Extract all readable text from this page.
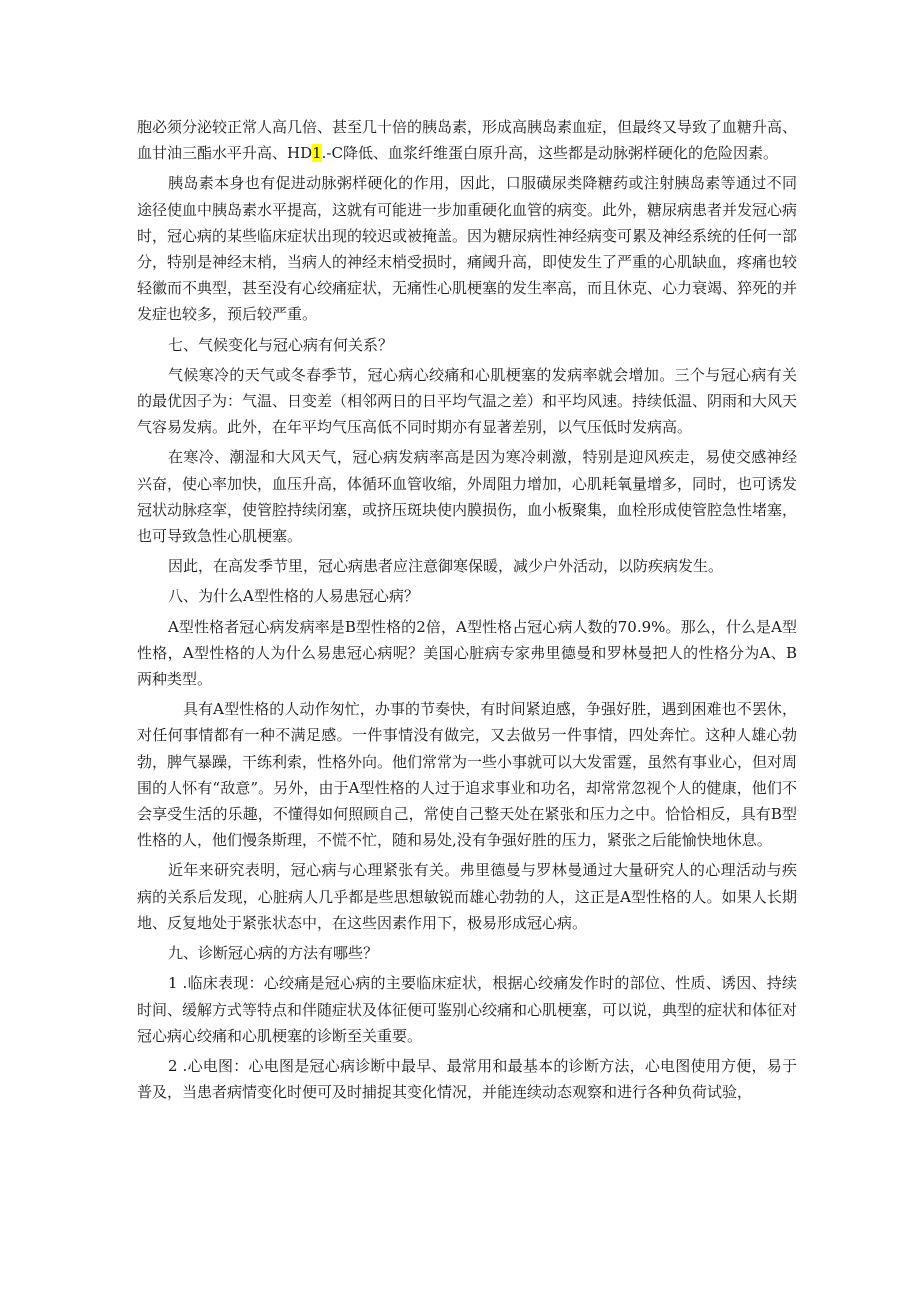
胞必须分泌较正常人高几倍、甚至几十倍的胰岛素，形成高胰岛素血症，但最终又导致了血糖升高、血甘油三酯水平升高、HD1.-C降低、血浆纤维蛋白原升高，这些都是动脉粥样硬化的危险因素。

胰岛素本身也有促进动脉粥样硬化的作用，因此，口服磺尿类降糖药或注射胰岛素等通过不同途径使血中胰岛素水平提高，这就有可能进一步加重硬化血管的病变。此外，糖尿病患者并发冠心病时，冠心病的某些临床症状出现的较迟或被掩盖。因为糖尿病性神经病变可累及神经系统的任何一部分，特别是神经末梢，当病人的神经末梢受损时，痛阈升高，即使发生了严重的心肌缺血，疼痛也较轻徽而不典型，甚至没有心绞痛症状，无痛性心肌梗塞的发生率高，而且休克、心力衰竭、猝死的并发症也较多，预后较严重。

七、气候变化与冠心病有何关系？

气候寒冷的天气或冬春季节，冠心病心绞痛和心肌梗塞的发病率就会增加。三个与冠心病有关的最优因子为：气温、日变差（相邻两日的日平均气温之差）和平均风速。持续低温、阴雨和大风天气容易发病。此外，在年平均气压高低不同时期亦有显著差别，以气压低时发病高。

在寒冷、潮湿和大风天气，冠心病发病率高是因为寒冷刺激，特别是迎风疾走，易使交感神经兴奋，使心率加快，血压升高，体循环血管收缩，外周阻力增加，心肌耗氧量增多，同时，也可诱发冠状动脉痉挛，使管腔持续闭塞，或挤压斑块使内膜损伤，血小板聚集，血栓形成使管腔急性堵塞，也可导致急性心肌梗塞。

因此，在高发季节里，冠心病患者应注意御寒保暖，减少户外活动，以防疾病发生。

八、为什么A型性格的人易患冠心病？

A型性格者冠心病发病率是B型性格的2倍，A型性格占冠心病人数的70.9%。那么，什么是A型性格，A型性格的人为什么易患冠心病呢？美国心脏病专家弗里德曼和罗林曼把人的性格分为A、B两种类型。

具有A型性格的人动作匆忙，办事的节奏快，有时间紧迫感，争强好胜，遇到困难也不罢休，对任何事情都有一种不满足感。一件事情没有做完，又去做另一件事情，四处奔忙。这种人雄心勃勃，脾气暴躁，干练利索，性格外向。他们常常为一些小事就可以大发雷霆，虽然有事业心，但对周围的人怀有“敌意”。另外，由于A型性格的人过于追求事业和功名，却常常忽视个人的健康，他们不会享受生活的乐趣，不懂得如何照顾自己，常使自己整天处在紧张和压力之中。恰恰相反，具有B型性格的人，他们慢条斯理，不慌不忙，随和易处,没有争强好胜的压力，紧张之后能愉快地休息。

近年来研究表明，冠心病与心理紧张有关。弗里德曼与罗林曼通过大量研究人的心理活动与疾病的关系后发现，心脏病人几乎都是些思想敏锐而雄心勃勃的人，这正是A型性格的人。如果人长期地、反复地处于紧张状态中，在这些因素作用下，极易形成冠心病。

九、诊断冠心病的方法有哪些？

1 .临床表现：心绞痛是冠心病的主要临床症状，根据心绞痛发作时的部位、性质、诱因、持续时间、缓解方式等特点和伴随症状及体征便可鉴别心绞痛和心肌梗塞，可以说，典型的症状和体征对冠心病心绞痛和心肌梗塞的诊断至关重要。

2 .心电图：心电图是冠心病诊断中最早、最常用和最基本的诊断方法，心电图使用方便，易于普及，当患者病情变化时便可及时捕捉其变化情况，并能连续动态观察和进行各种负荷试验，
